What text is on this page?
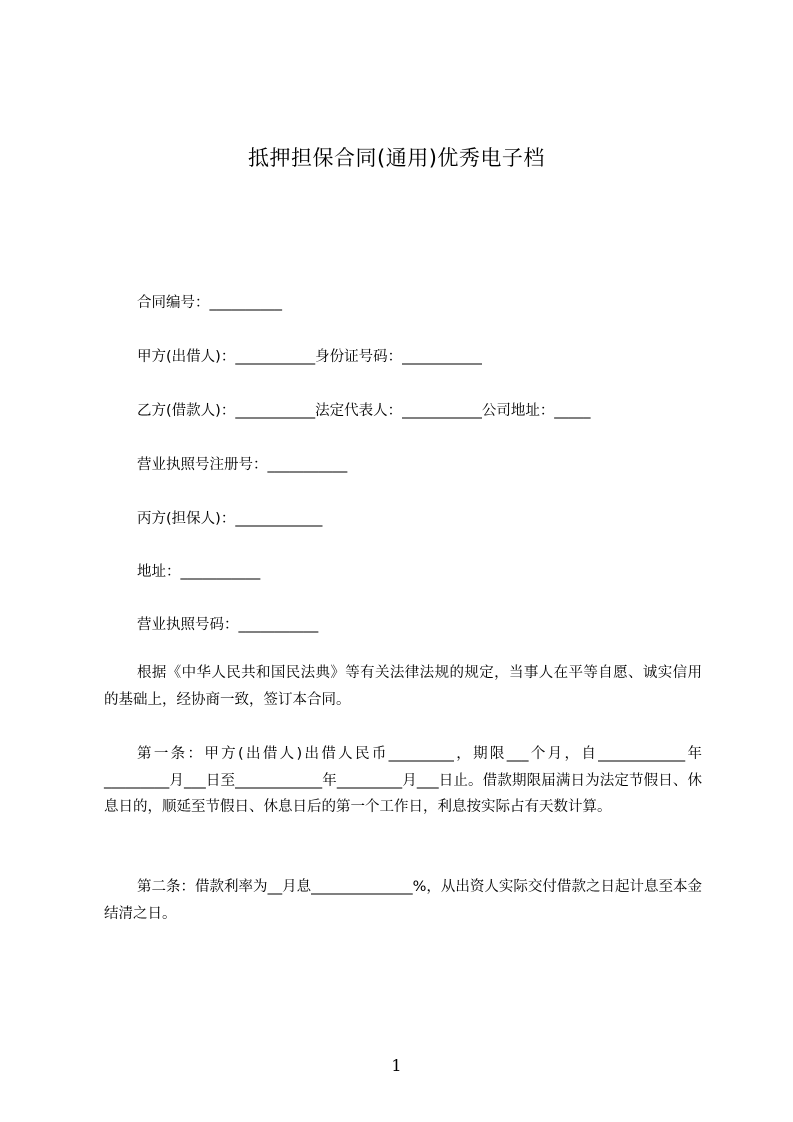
抵押担保合同(通用)优秀电子档
合同编号：__________
甲方(出借人)：___________身份证号码：___________
乙方(借款人)：___________法定代表人：___________公司地址：_____
营业执照号注册号：___________
丙方(担保人)：____________
地址：___________
营业执照号码：___________

根据《中华人民共和国民法典》等有关法律法规的规定，当事人在平等自愿、诚实信用的基础上，经协商一致，签订本合同。

第一条：甲方(出借人)出借人民币_________，期限___个月，自____________年_________月___日至____________年_________月___日止。借款期限届满日为法定节假日、休息日的，顺延至节假日、休息日后的第一个工作日，利息按实际占有天数计算。

第二条：借款利率为__月息______________%，从出资人实际交付借款之日起计息至本金结清之日。

1
